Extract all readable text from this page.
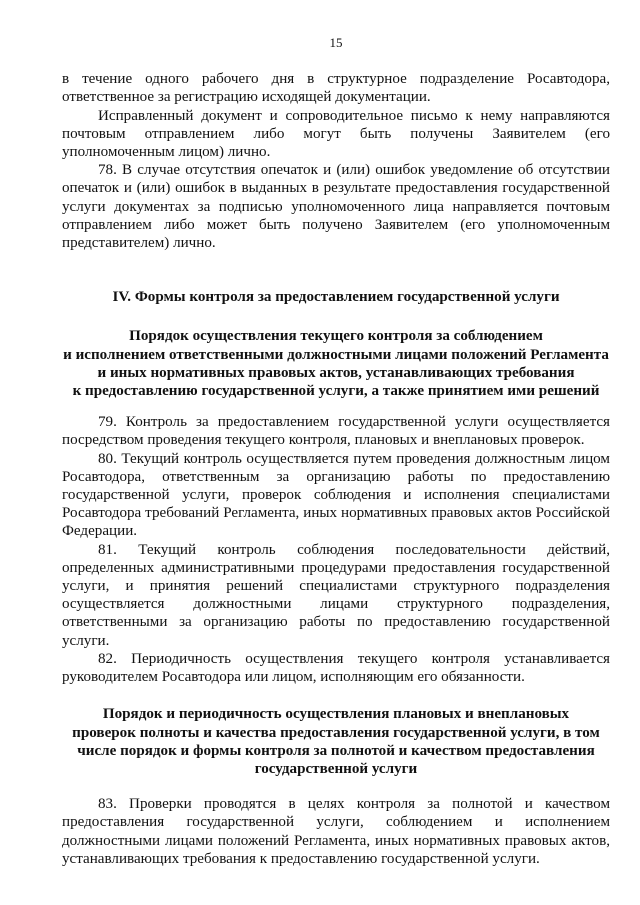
15

в течение одного рабочего дня в структурное подразделение Росавтодора, ответственное за регистрацию исходящей документации.

Исправленный документ и сопроводительное письмо к нему направляются почтовым отправлением либо могут быть получены Заявителем (его уполномоченным лицом) лично.

78. В случае отсутствия опечаток и (или) ошибок уведомление об отсутствии опечаток и (или) ошибок в выданных в результате предоставления государственной услуги документах за подписью уполномоченного лица направляется почтовым отправлением либо может быть получено Заявителем (его уполномоченным представителем) лично.

IV. Формы контроля за предоставлением государственной услуги
Порядок осуществления текущего контроля за соблюдением
и исполнением ответственными должностными лицами положений Регламента
и иных нормативных правовых актов, устанавливающих требования
к предоставлению государственной услуги, а также принятием ими решений

79. Контроль за предоставлением государственной услуги осуществляется посредством проведения текущего контроля, плановых и внеплановых проверок.

80. Текущий контроль осуществляется путем проведения должностным лицом Росавтодора, ответственным за организацию работы по предоставлению государственной услуги, проверок соблюдения и исполнения специалистами Росавтодора требований Регламента, иных нормативных правовых актов Российской Федерации.

81. Текущий контроль соблюдения последовательности действий, определенных административными процедурами предоставления государственной услуги, и принятия решений специалистами структурного подразделения осуществляется должностными лицами структурного подразделения, ответственными за организацию работы по предоставлению государственной услуги.

82. Периодичность осуществления текущего контроля устанавливается руководителем Росавтодора или лицом, исполняющим его обязанности.

Порядок и периодичность осуществления плановых и внеплановых
проверок полноты и качества предоставления государственной услуги, в том
числе порядок и формы контроля за полнотой и качеством предоставления
государственной услуги

83. Проверки проводятся в целях контроля за полнотой и качеством предоставления государственной услуги, соблюдением и исполнением должностными лицами положений Регламента, иных нормативных правовых актов, устанавливающих требования к предоставлению государственной услуги.
